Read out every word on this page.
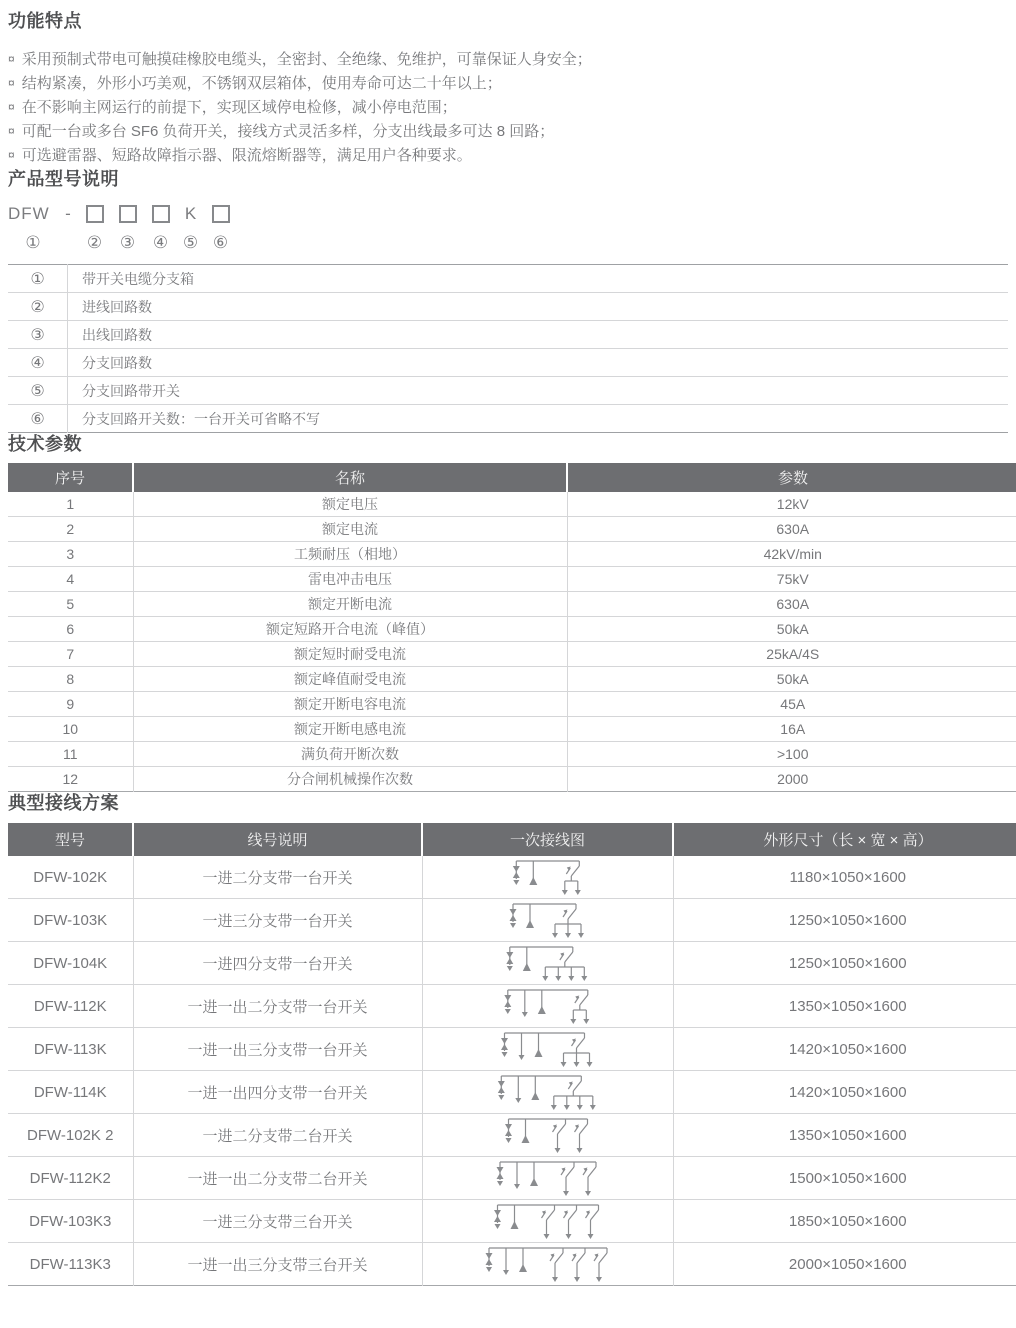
功能特点
¤ 采用预制式带电可触摸硅橡胶电缆头，全密封、全绝缘、免维护，可靠保证人身安全；
¤ 结构紧凑，外形小巧美观，不锈钢双层箱体，使用寿命可达二十年以上；
¤ 在不影响主网运行的前提下，实现区域停电检修，减小停电范围；
¤ 可配一台或多台 SF6 负荷开关，接线方式灵活多样，分支出线最多可达 8 回路；
¤ 可选避雷器、短路故障指示器、限流熔断器等，满足用户各种要求。
产品型号说明
DFW -	K
①	②	③	④ ⑤ ⑥
①	带开关电缆分支箱
②	进线回路数
③	出线回路数
④	分支回路数
⑤	分支回路带开关
⑥	分支回路开关数：一台开关可省略不写
技术参数
序号	名称	参数
1	额定电压	12kV
2	额定电流	630A
3	工频耐压（相地）	42kV/min
4	雷电冲击电压	75kV
5	额定开断电流	630A
6	额定短路开合电流（峰值）	50kA
7	额定短时耐受电流	25kA/4S
8	额定峰值耐受电流	50kA
9	额定开断电容电流	45A
10	额定开断电感电流	16A
11	满负荷开断次数	>100
12	分合闸机械操作次数	2000
典型接线方案
型号	线号说明	一次接线图	外形尺寸（长 × 宽 × 高）
DFW-102K	一进二分支带一台开关		1180×1050×1600
DFW-103K	一进三分支带一台开关		1250×1050×1600
DFW-104K	一进四分支带一台开关		1250×1050×1600
DFW-112K	一进一出二分支带一台开关		1350×1050×1600
DFW-113K	一进一出三分支带一台开关		1420×1050×1600
DFW-114K	一进一出四分支带一台开关		1420×1050×1600
DFW-102K 2	一进二分支带二台开关		1350×1050×1600
DFW-112K2	一进一出二分支带二台开关		1500×1050×1600
DFW-103K3	一进三分支带三台开关		1850×1050×1600
DFW-113K3	一进一出三分支带三台开关		2000×1050×1600
